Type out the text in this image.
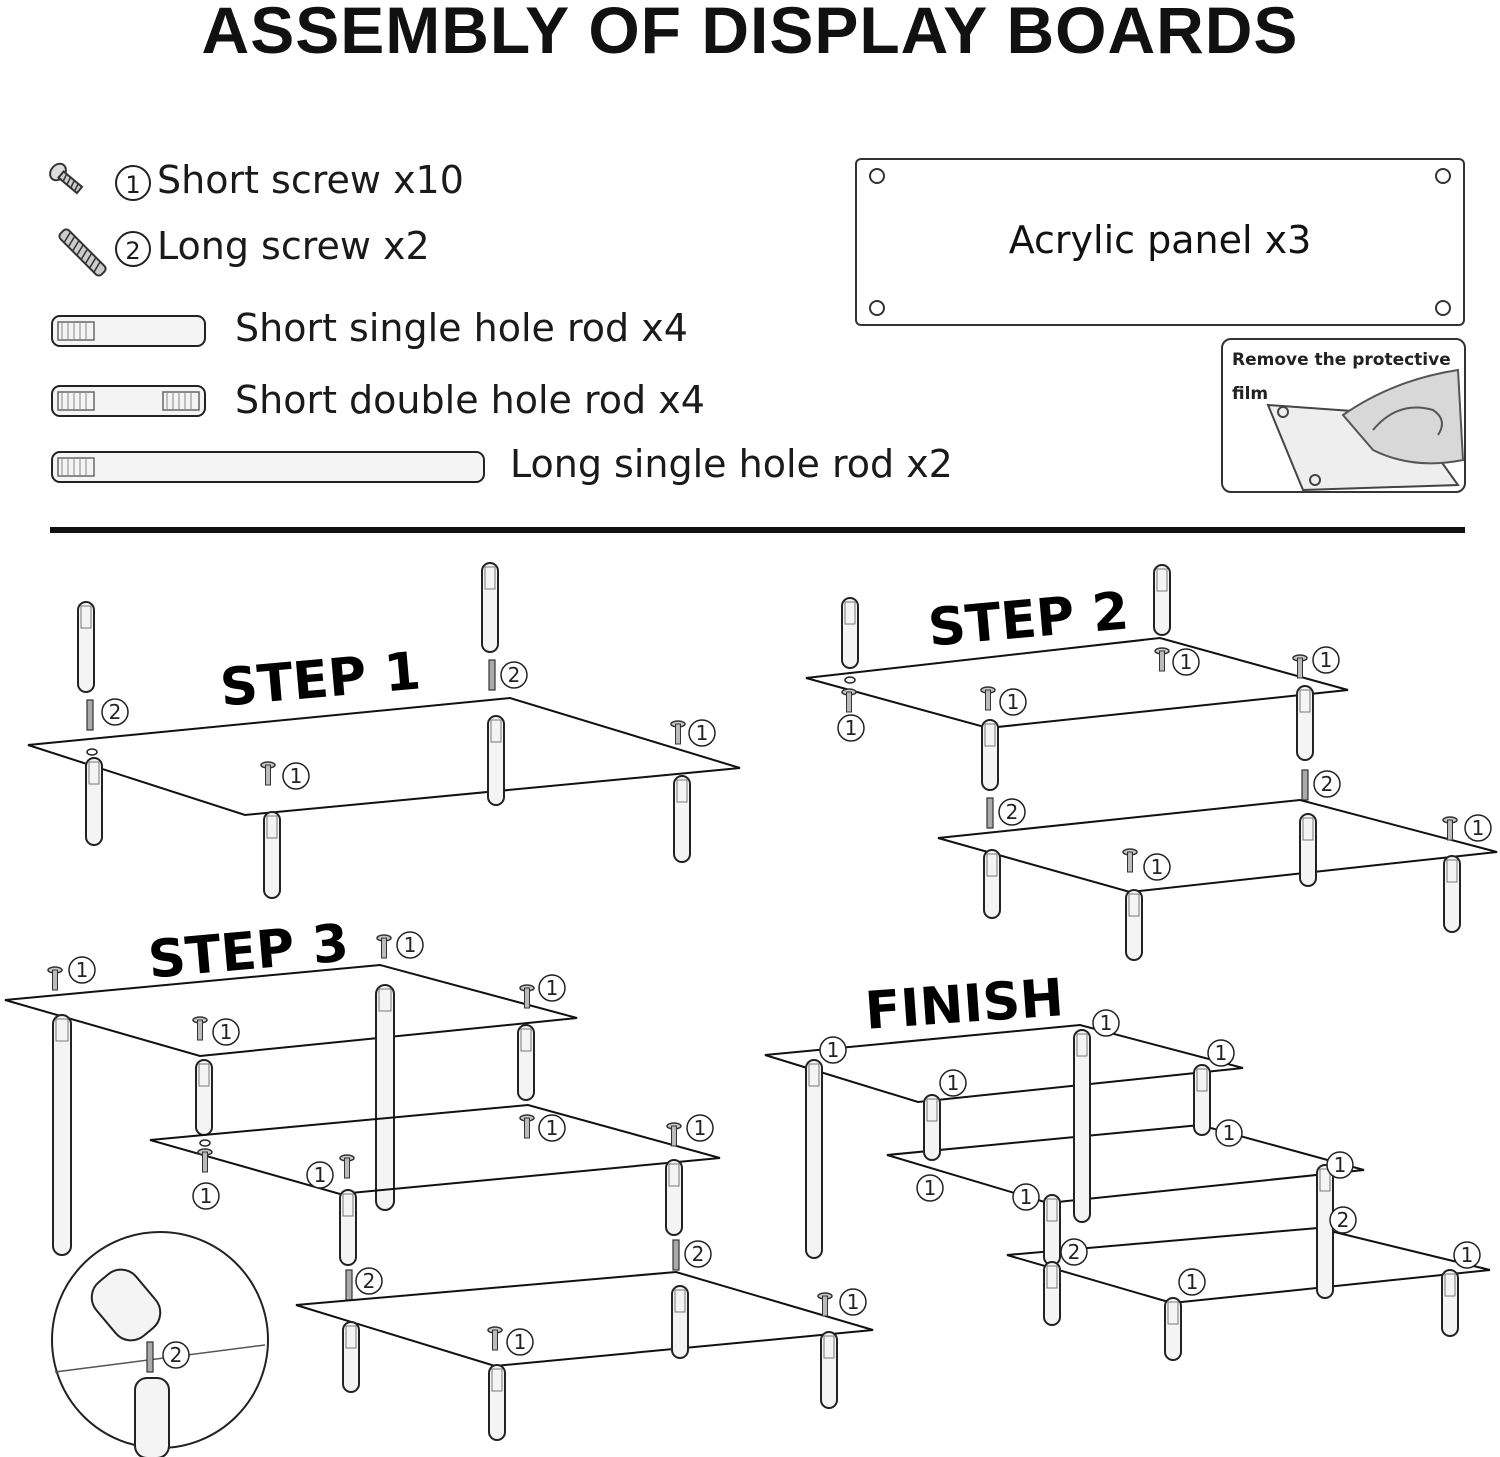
ASSEMBLY OF DISPLAY BOARDS
1 Short screw x10
2 Long screw x2
Short single hole rod x4
Short double hole rod x4
Long single hole rod x2
Acrylic panel x3
Remove the protective film
STEP 1
STEP 2
STEP 3
FINISH
2
2
1
1
1	1
1
1
2
2
1
1
1
1
1
1
1	1
1
1
2
2
1
1
2
1
1
1
1
1
1
1
1
2
2
1
1
